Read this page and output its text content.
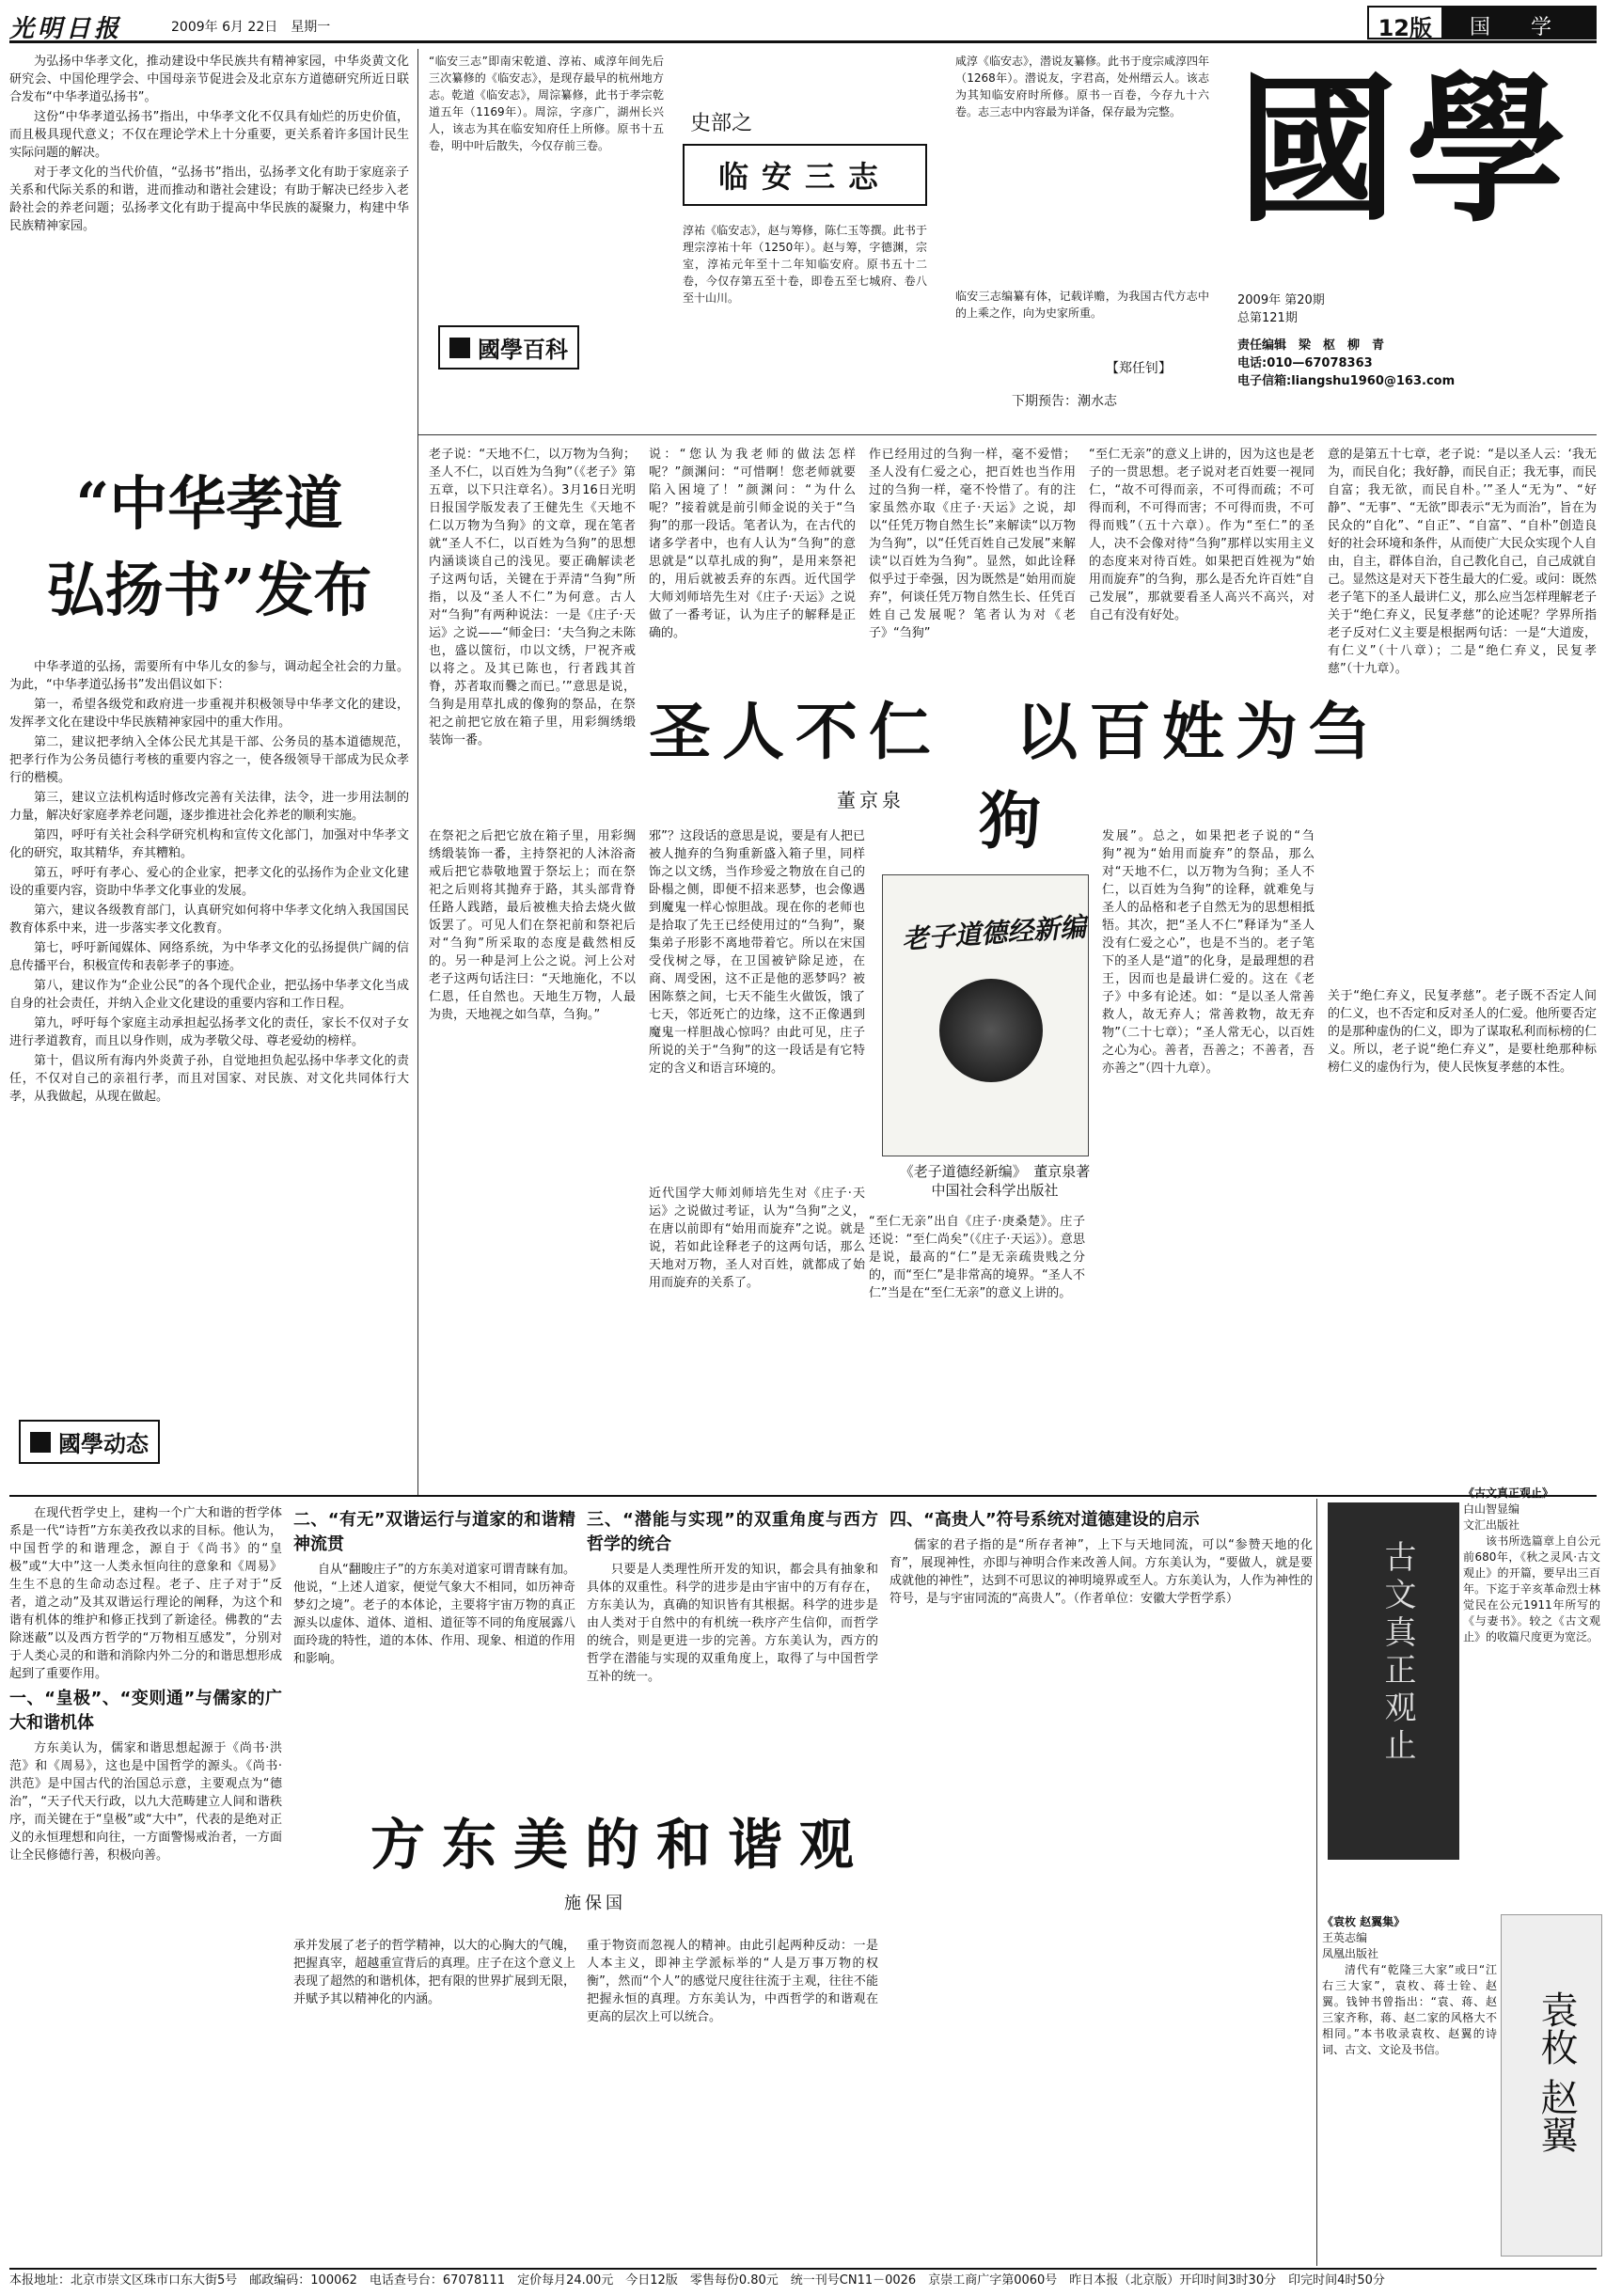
光明日报	2009年 6月 22日　星期一	12版	国 学

为弘扬中华孝文化，推动建设中华民族共有精神家园，中华炎黄文化研究会、中国伦理学会、中国母亲节促进会及北京东方道德研究所近日联合发布“中华孝道弘扬书”。

这份“中华孝道弘扬书”指出，中华孝文化不仅具有灿烂的历史价值，而且极具现代意义；不仅在理论学术上十分重要，更关系着许多国计民生实际问题的解决。

对于孝文化的当代价值，“弘扬书”指出，弘扬孝文化有助于家庭亲子关系和代际关系的和谐，进而推动和谐社会建设；有助于解决已经步入老龄社会的养老问题；弘扬孝文化有助于提高中华民族的凝聚力，构建中华民族精神家园。

“中华孝道
弘扬书”发布

中华孝道的弘扬，需要所有中华儿女的参与，调动起全社会的力量。为此，“中华孝道弘扬书”发出倡议如下：

第一，希望各级党和政府进一步重视并积极领导中华孝文化的建设，发挥孝文化在建设中华民族精神家园中的重大作用。

第二，建议把孝纳入全体公民尤其是干部、公务员的基本道德规范，把孝行作为公务员德行考核的重要内容之一，使各级领导干部成为民众孝行的楷模。

第三，建议立法机构适时修改完善有关法律，法令，进一步用法制的力量，解决好家庭孝养老问题，逐步推进社会化养老的顺利实施。

第四，呼吁有关社会科学研究机构和宣传文化部门，加强对中华孝文化的研究，取其精华，弃其糟粕。

第五，呼吁有孝心、爱心的企业家，把孝文化的弘扬作为企业文化建设的重要内容，资助中华孝文化事业的发展。

第六，建议各级教育部门，认真研究如何将中华孝文化纳入我国国民教育体系中来，进一步落实孝文化教育。

第七，呼吁新闻媒体、网络系统，为中华孝文化的弘扬提供广阔的信息传播平台，积极宣传和表彰孝子的事迹。

第八，建议作为“企业公民”的各个现代企业，把弘扬中华孝文化当成自身的社会责任，并纳入企业文化建设的重要内容和工作日程。

第九，呼吁每个家庭主动承担起弘扬孝文化的责任，家长不仅对子女进行孝道教育，而且以身作则，成为孝敬父母、尊老爱幼的榜样。

第十，倡议所有海内外炎黄子孙，自觉地担负起弘扬中华孝文化的责任，不仅对自己的亲祖行孝，而且对国家、对民族、对文化共同体行大孝，从我做起，从现在做起。

國學动态
“临安三志”即南宋乾道、淳祐、咸淳年间先后三次纂修的《临安志》，是现存最早的杭州地方志。乾道《临安志》，周淙纂修，此书于孝宗乾道五年（1169年）。周淙，字彦广，湖州长兴人，该志为其在临安知府任上所修。原书十五卷，明中叶后散失，今仅存前三卷。
史部之
临安三志
淳祐《临安志》，赵与筹修，陈仁玉等撰。此书于理宗淳祐十年（1250年）。赵与筹，字德渊，宗室，淳祐元年至十二年知临安府。原书五十二卷，今仅存第五至十卷，即卷五至七城府、卷八至十山川。
咸淳《临安志》，潜说友纂修。此书于度宗咸淳四年（1268年）。潜说友，字君高，处州缙云人。该志为其知临安府时所修。原书一百卷，今存九十六卷。志三志中内容最为详备，保存最为完整。
临安三志编纂有体，记载详赡，为我国古代方志中的上乘之作，向为史家所重。
【郑任钊】
下期预告：潮水志
國學百科
國學
2009年 第20期
总第121期
责任编辑　梁　枢　柳　青
电话:010—67078363
电子信箱:liangshu1960@163.com
老子说：“天地不仁，以万物为刍狗；圣人不仁，以百姓为刍狗”（《老子》第五章，以下只注章名）。3月16日光明日报国学版发表了王健先生《天地不仁以万物为刍狗》的文章，现在笔者就“圣人不仁，以百姓为刍狗”的思想内涵谈谈自己的浅见。要正确解读老子这两句话，关键在于弄清“刍狗”所指，以及“圣人不仁”为何意。古人对“刍狗”有两种说法：一是《庄子·天运》之说——“师金曰：‘夫刍狗之未陈也，盛以箧衍，巾以文绣，尸祝齐戒以将之。及其已陈也，行者践其首脊，苏者取而爨之而已。’”意思是说，刍狗是用草扎成的像狗的祭品，在祭祀之前把它放在箱子里，用彩绸绣缎装饰一番。
在祭祀之后把它放在箱子里，用彩绸绣缎装饰一番，主持祭祀的人沐浴斋戒后把它恭敬地置于祭坛上；而在祭祀之后则将其抛弃于路，其头部背脊任路人践踏，最后被樵夫拾去烧火做饭罢了。可见人们在祭祀前和祭祀后对“刍狗”所采取的态度是截然相反的。另一种是河上公之说。河上公对老子这两句话注曰：“天地施化，不以仁恩，任自然也。天地生万物，人最为贵，天地视之如刍草，刍狗。”
说：“您认为我老师的做法怎样呢？”颜渊问：“可惜啊！您老师就要陷入困境了！”颜渊问：“为什么呢？”接着就是前引师金说的关于“刍狗”的那一段话。笔者认为，在古代的诸多学者中，也有人认为“刍狗”的意思就是“以草扎成的狗”，是用来祭祀的，用后就被丢弃的东西。近代国学大师刘师培先生对《庄子·天运》之说做了一番考证，认为庄子的解释是正确的。
作已经用过的刍狗一样，毫不爱惜；圣人没有仁爱之心，把百姓也当作用过的刍狗一样，毫不怜惜了。有的注家虽然亦取《庄子·天运》之说，却以“任凭万物自然生长”来解读“以万物为刍狗”，以“任凭百姓自己发展”来解读“以百姓为刍狗”。显然，如此诠释似乎过于牵强，因为既然是“始用而旋弃”，何谈任凭万物自然生长、任凭百姓自己发展呢？笔者认为对《老子》“刍狗”
“至仁无亲”的意义上讲的，因为这也是老子的一贯思想。老子说对老百姓要一视同仁，“故不可得而亲，不可得而疏；不可得而利，不可得而害；不可得而贵，不可得而贱”（五十六章）。作为“至仁”的圣人，决不会像对待“刍狗”那样以实用主义的态度来对待百姓。如果把百姓视为“始用而旋弃”的刍狗，那么是否允许百姓“自己发展”，那就要看圣人高兴不高兴，对自己有没有好处。
意的是第五十七章，老子说：“是以圣人云：‘我无为，而民自化；我好静，而民自正；我无事，而民自富；我无欲，而民自朴。’”圣人“无为”、“好静”、“无事”、“无欲”即表示“无为而治”，旨在为民众的“自化”、“自正”、“自富”、“自朴”创造良好的社会环境和条件，从而使广大民众实现个人自由，自主，群体自治，自己教化自己，自己成就自己。显然这是对天下苍生最大的仁爱。或问：既然老子笔下的圣人最讲仁义，那么应当怎样理解老子关于“绝仁弃义，民复孝慈”的论述呢？学界所指老子反对仁义主要是根据两句话：一是“大道废，有仁义”（十八章）；二是“绝仁弃义，民复孝慈”（十九章）。
圣人不仁　以百姓为刍狗
董京泉
邪”？这段话的意思是说，要是有人把已被人抛弃的刍狗重新盛入箱子里，同样饰之以文绣，当作珍爱之物放在自己的卧榻之侧，即便不招来恶梦，也会像遇到魔鬼一样心惊胆战。现在你的老师也是拾取了先王已经使用过的“刍狗”，聚集弟子形影不离地带着它。所以在宋国受伐树之辱，在卫国被铲除足迹，在商、周受困，这不正是他的恶梦吗？被困陈蔡之间，七天不能生火做饭，饿了七天，邻近死亡的边缘，这不正像遇到魔鬼一样胆战心惊吗？由此可见，庄子所说的关于“刍狗”的这一段话是有它特定的含义和语言环境的。
近代国学大师刘师培先生对《庄子·天运》之说做过考证，认为“刍狗”之义，在唐以前即有“始用而旋弃”之说。就是说，若如此诠释老子的这两句话，那么天地对万物，圣人对百姓，就都成了始用而旋弃的关系了。
老子道德经新编
《老子道德经新编》　董京泉著
中国社会科学出版社
“至仁无亲”出自《庄子·庚桑楚》。庄子还说：“至仁尚矣”（《庄子·天运》）。意思是说，最高的“仁”是无亲疏贵贱之分的，而“至仁”是非常高的境界。“圣人不仁”当是在“至仁无亲”的意义上讲的。
发展”。总之，如果把老子说的“刍狗”视为“始用而旋弃”的祭品，那么对“天地不仁，以万物为刍狗；圣人不仁，以百姓为刍狗”的诠释，就难免与圣人的品格和老子自然无为的思想相抵牾。其次，把“圣人不仁”释译为“圣人没有仁爱之心”，也是不当的。老子笔下的圣人是“道”的化身，是最理想的君王，因而也是最讲仁爱的。这在《老子》中多有论述。如：“是以圣人常善救人，故无弃人；常善救物，故无弃物”（二十七章）；“圣人常无心，以百姓之心为心。善者，吾善之；不善者，吾亦善之”（四十九章）。
关于“绝仁弃义，民复孝慈”。老子既不否定人间的仁义，也不否定和反对圣人的仁爱。他所要否定的是那种虚伪的仁义，即为了谋取私利而标榜的仁义。所以，老子说“绝仁弃义”，是要杜绝那种标榜仁义的虚伪行为，使人民恢复孝慈的本性。

在现代哲学史上，建构一个广大和谐的哲学体系是一代“诗哲”方东美孜孜以求的目标。他认为，中国哲学的和谐理念，源自于《尚书》的“皇极”或“大中”这一人类永恒向往的意象和《周易》生生不息的生命动态过程。老子、庄子对于“反者，道之动”及其双谐运行理论的阐释，为这个和谐有机体的维护和修正找到了新途径。佛教的“去除迷蔽”以及西方哲学的“万物相互感发”，分别对于人类心灵的和谐和消除内外二分的和谐思想形成起到了重要作用。

一、“皇极”、“变则通”与儒家的广大和谐机体

方东美认为，儒家和谐思想起源于《尚书·洪范》和《周易》，这也是中国哲学的源头。《尚书·洪范》是中国古代的治国总示意，主要观点为“德治”，“天子代天行政，以九大范畴建立人间和谐秩序，而关键在于“皇极”或“大中”，代表的是绝对正义的永恒理想和向往，一方面警惕戒治者，一方面让全民修德行善，积极向善。

二、“有无”双谐运行与道家的和谐精神流贯

自从“翻睃庄子”的方东美对道家可谓青睐有加。他说，“上述人道家，便觉气象大不相同，如历神奇梦幻之境”。老子的本体论，主要将宇宙万物的真正源头以虚体、道体、道相、道征等不同的角度展露八面玲珑的特性，道的本体、作用、现象、相道的作用和影响。

三、“潜能与实现”的双重角度与西方哲学的统合

只要是人类理性所开发的知识，都会具有抽象和具体的双重性。科学的进步是由宇宙中的万有存在，方东美认为，真确的知识皆有其根据。科学的进步是由人类对于自然中的有机统一秩序产生信仰，而哲学的统合，则是更进一步的完善。方东美认为，西方的哲学在潜能与实现的双重角度上，取得了与中国哲学互补的统一。

四、“高贵人”符号系统对道德建设的启示

儒家的君子指的是“所存者神”，上下与天地同流，可以“参赞天地的化育”，展现神性，亦即与神明合作来改善人间。方东美认为，“要做人，就是要成就他的神性”，达到不可思议的神明境界或至人。方东美认为，人作为神性的符号，是与宇宙同流的“高贵人”。（作者单位：安徽大学哲学系）

方东美的和谐观
施保国
承并发展了老子的哲学精神，以大的心胸大的气魄，把握真宰，超越重宣背后的真理。庄子在这个意义上表现了超然的和谐机体，把有限的世界扩展到无限，并赋予其以精神化的内涵。
重于物资而忽视人的精神。由此引起两种反动：一是人本主义，即神主学派标举的“人是万事万物的权衡”，然而“个人”的感觉尺度往往流于主观，往往不能把握永恒的真理。方东美认为，中西哲学的和谐观在更高的层次上可以统合。
《古文真正观止》
白山智显编
文汇出版社

该书所选篇章上自公元前680年，《秋之灵风·古文观止》的开篇，要早出三百年。下迄于辛亥革命烈士林觉民在公元1911年所写的《与妻书》。较之《古文观止》的收篇尺度更为宽泛。

古文真正观止
《袁枚 赵翼集》
王英志编
凤凰出版社

清代有“乾隆三大家”或曰“江右三大家”，袁枚、蒋士铨、赵翼。钱钟书曾指出：“袁、蒋、赵三家齐称，蒋、赵二家的风格大不相同。”本书收录袁枚、赵翼的诗词、古文、文论及书信。	袁枚 赵翼
本报地址：北京市崇文区珠市口东大街5号　邮政编码：100062　电话查号台：67078111　定价每月24.00元　今日12版　零售每份0.80元　统一刊号CN11－0026　京崇工商广字第0060号　昨日本报（北京版）开印时间3时30分　印完时间4时50分
